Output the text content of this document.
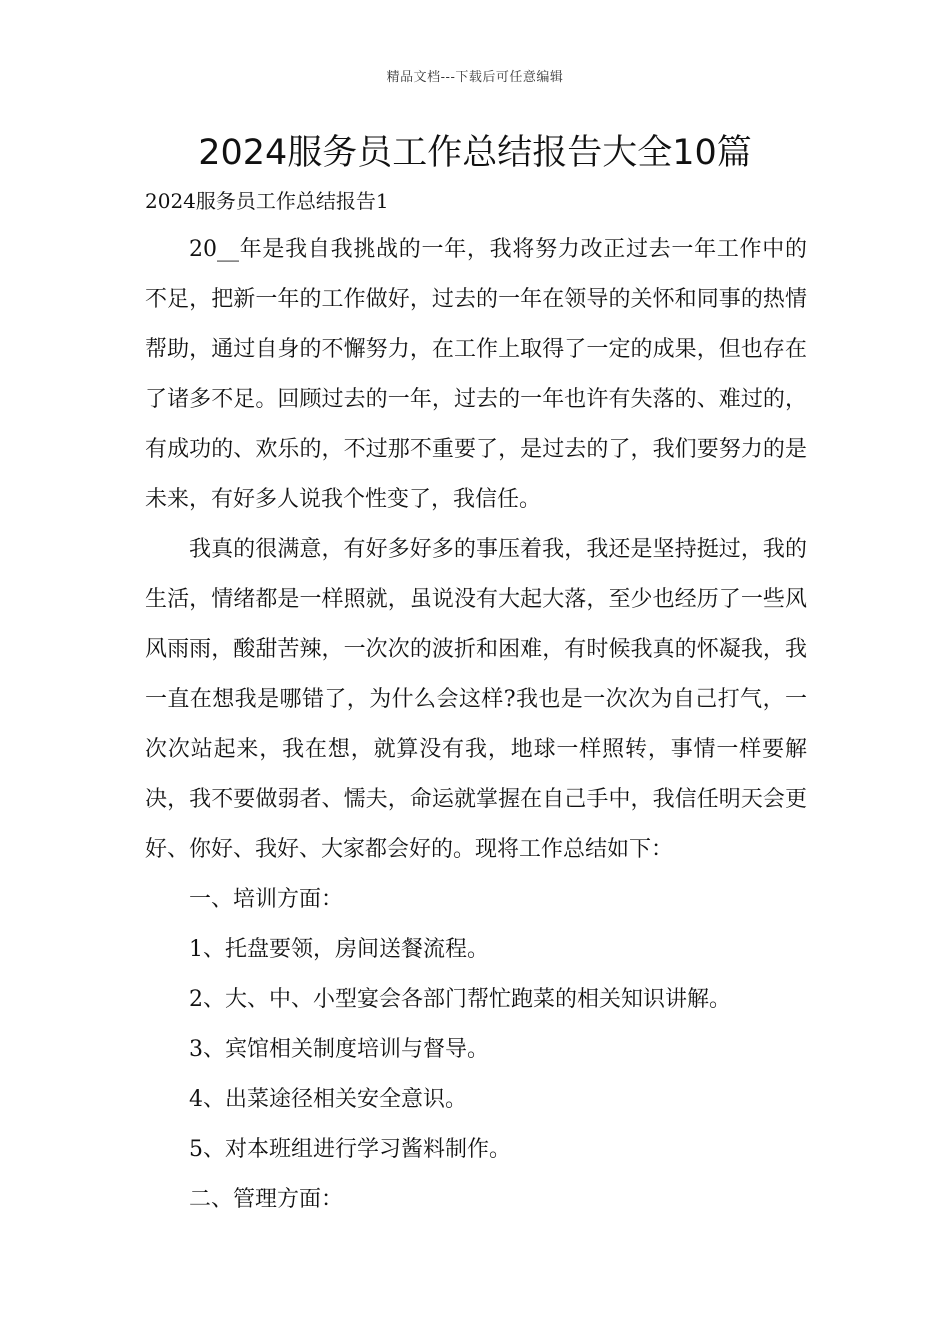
精品文档---下载后可任意编辑
2024服务员工作总结报告大全10篇
2024服务员工作总结报告1

20__年是我自我挑战的一年，我将努力改正过去一年工作中的不足，把新一年的工作做好，过去的一年在领导的关怀和同事的热情帮助，通过自身的不懈努力，在工作上取得了一定的成果，但也存在了诸多不足。回顾过去的一年，过去的一年也许有失落的、难过的，有成功的、欢乐的，不过那不重要了，是过去的了，我们要努力的是未来，有好多人说我个性变了，我信任。

我真的很满意，有好多好多的事压着我，我还是坚持挺过，我的生活，情绪都是一样照就，虽说没有大起大落，至少也经历了一些风风雨雨，酸甜苦辣，一次次的波折和困难，有时候我真的怀凝我，我一直在想我是哪错了，为什么会这样?我也是一次次为自己打气，一次次站起来，我在想，就算没有我，地球一样照转，事情一样要解决，我不要做弱者、懦夫，命运就掌握在自己手中，我信任明天会更好、你好、我好、大家都会好的。现将工作总结如下：

一、培训方面：

1、托盘要领，房间送餐流程。

2、大、中、小型宴会各部门帮忙跑菜的相关知识讲解。

3、宾馆相关制度培训与督导。

4、出菜途径相关安全意识。

5、对本班组进行学习酱料制作。

二、管理方面：
